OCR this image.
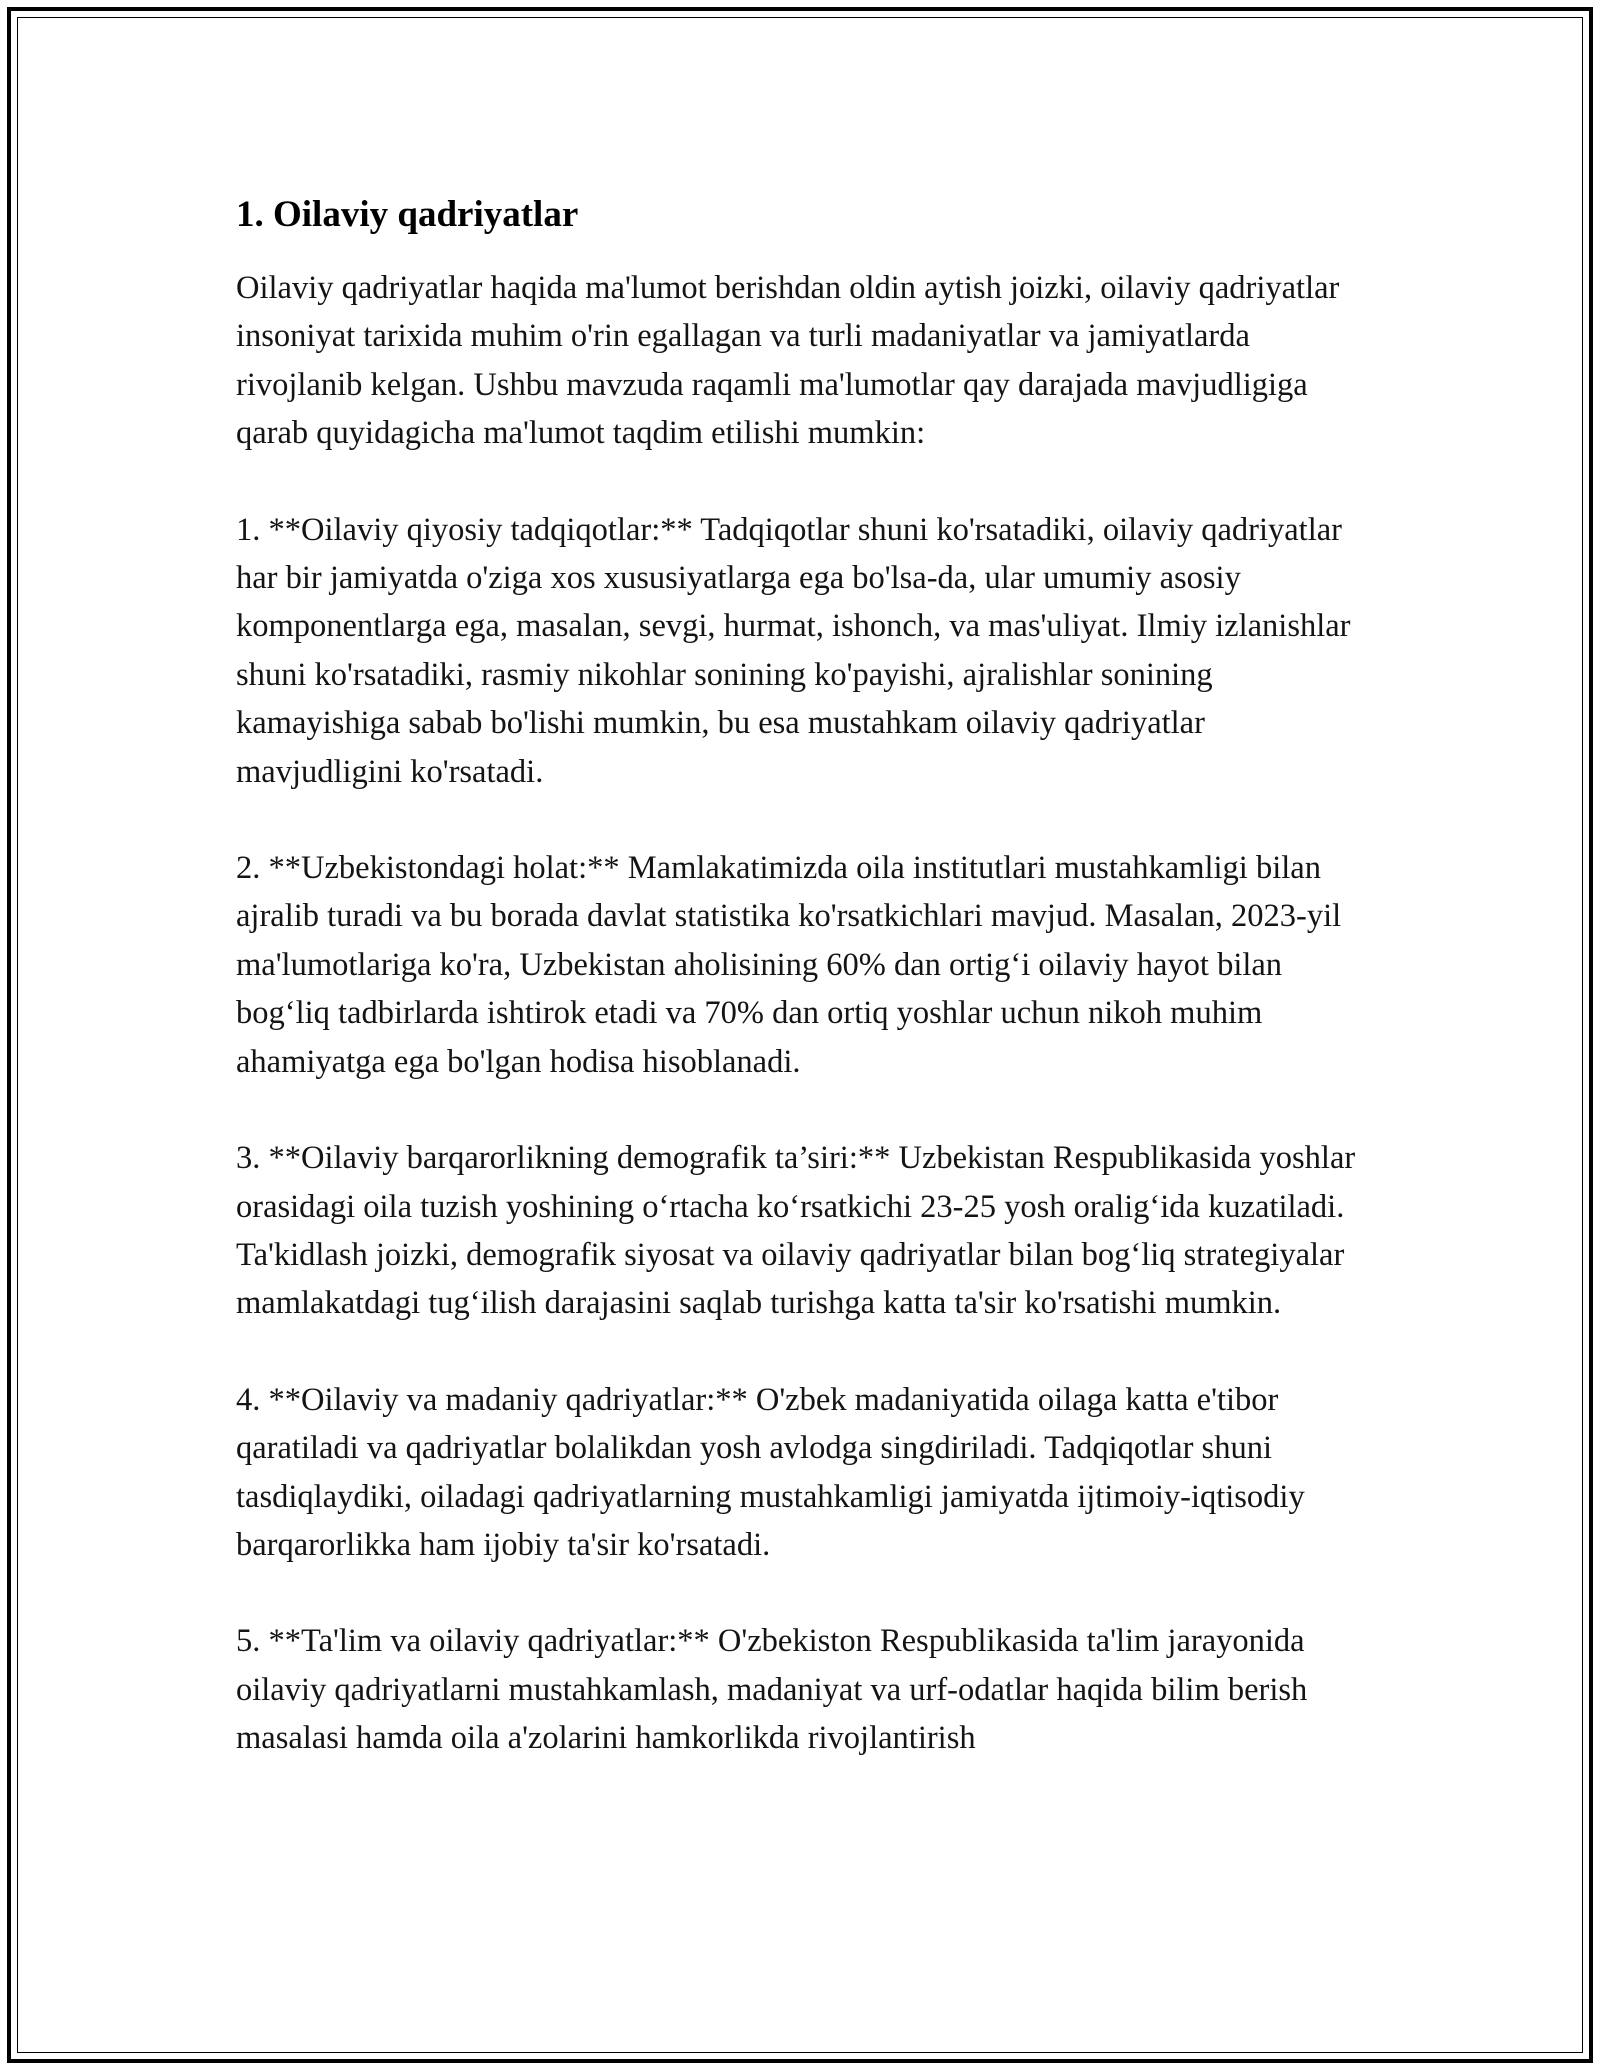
1. Oilaviy qadriyatlar

Oilaviy qadriyatlar haqida ma'lumot berishdan oldin aytish joizki, oilaviy qadriyatlar insoniyat tarixida muhim o'rin egallagan va turli madaniyatlar va jamiyatlarda rivojlanib kelgan. Ushbu mavzuda raqamli ma'lumotlar qay darajada mavjudligiga qarab quyidagicha ma'lumot taqdim etilishi mumkin:

1. **Oilaviy qiyosiy tadqiqotlar:** Tadqiqotlar shuni ko'rsatadiki, oilaviy qadriyatlar har bir jamiyatda o'ziga xos xususiyatlarga ega bo'lsa-da, ular umumiy asosiy komponentlarga ega, masalan, sevgi, hurmat, ishonch, va mas'uliyat. Ilmiy izlanishlar shuni ko'rsatadiki, rasmiy nikohlar sonining ko'payishi, ajralishlar sonining kamayishiga sabab bo'lishi mumkin, bu esa mustahkam oilaviy qadriyatlar mavjudligini ko'rsatadi.

2. **Uzbekistondagi holat:** Mamlakatimizda oila institutlari mustahkamligi bilan ajralib turadi va bu borada davlat statistika ko'rsatkichlari mavjud. Masalan, 2023-yil ma'lumotlariga ko'ra, Uzbekistan aholisining 60% dan ortig‘i oilaviy hayot bilan bog‘liq tadbirlarda ishtirok etadi va 70% dan ortiq yoshlar uchun nikoh muhim ahamiyatga ega bo'lgan hodisa hisoblanadi.

3. **Oilaviy barqarorlikning demografik ta’siri:** Uzbekistan Respublikasida yoshlar orasidagi oila tuzish yoshining o‘rtacha ko‘rsatkichi 23-25 yosh oralig‘ida kuzatiladi. Ta'kidlash joizki, demografik siyosat va oilaviy qadriyatlar bilan bog‘liq strategiyalar mamlakatdagi tug‘ilish darajasini saqlab turishga katta ta'sir ko'rsatishi mumkin.

4. **Oilaviy va madaniy qadriyatlar:** O'zbek madaniyatida oilaga katta e'tibor qaratiladi va qadriyatlar bolalikdan yosh avlodga singdiriladi. Tadqiqotlar shuni tasdiqlaydiki, oiladagi qadriyatlarning mustahkamligi jamiyatda ijtimoiy-iqtisodiy barqarorlikka ham ijobiy ta'sir ko'rsatadi.

5. **Ta'lim va oilaviy qadriyatlar:** O'zbekiston Respublikasida ta'lim jarayonida oilaviy qadriyatlarni mustahkamlash, madaniyat va urf-odatlar haqida bilim berish masalasi hamda oila a'zolarini hamkorlikda rivojlantirish
